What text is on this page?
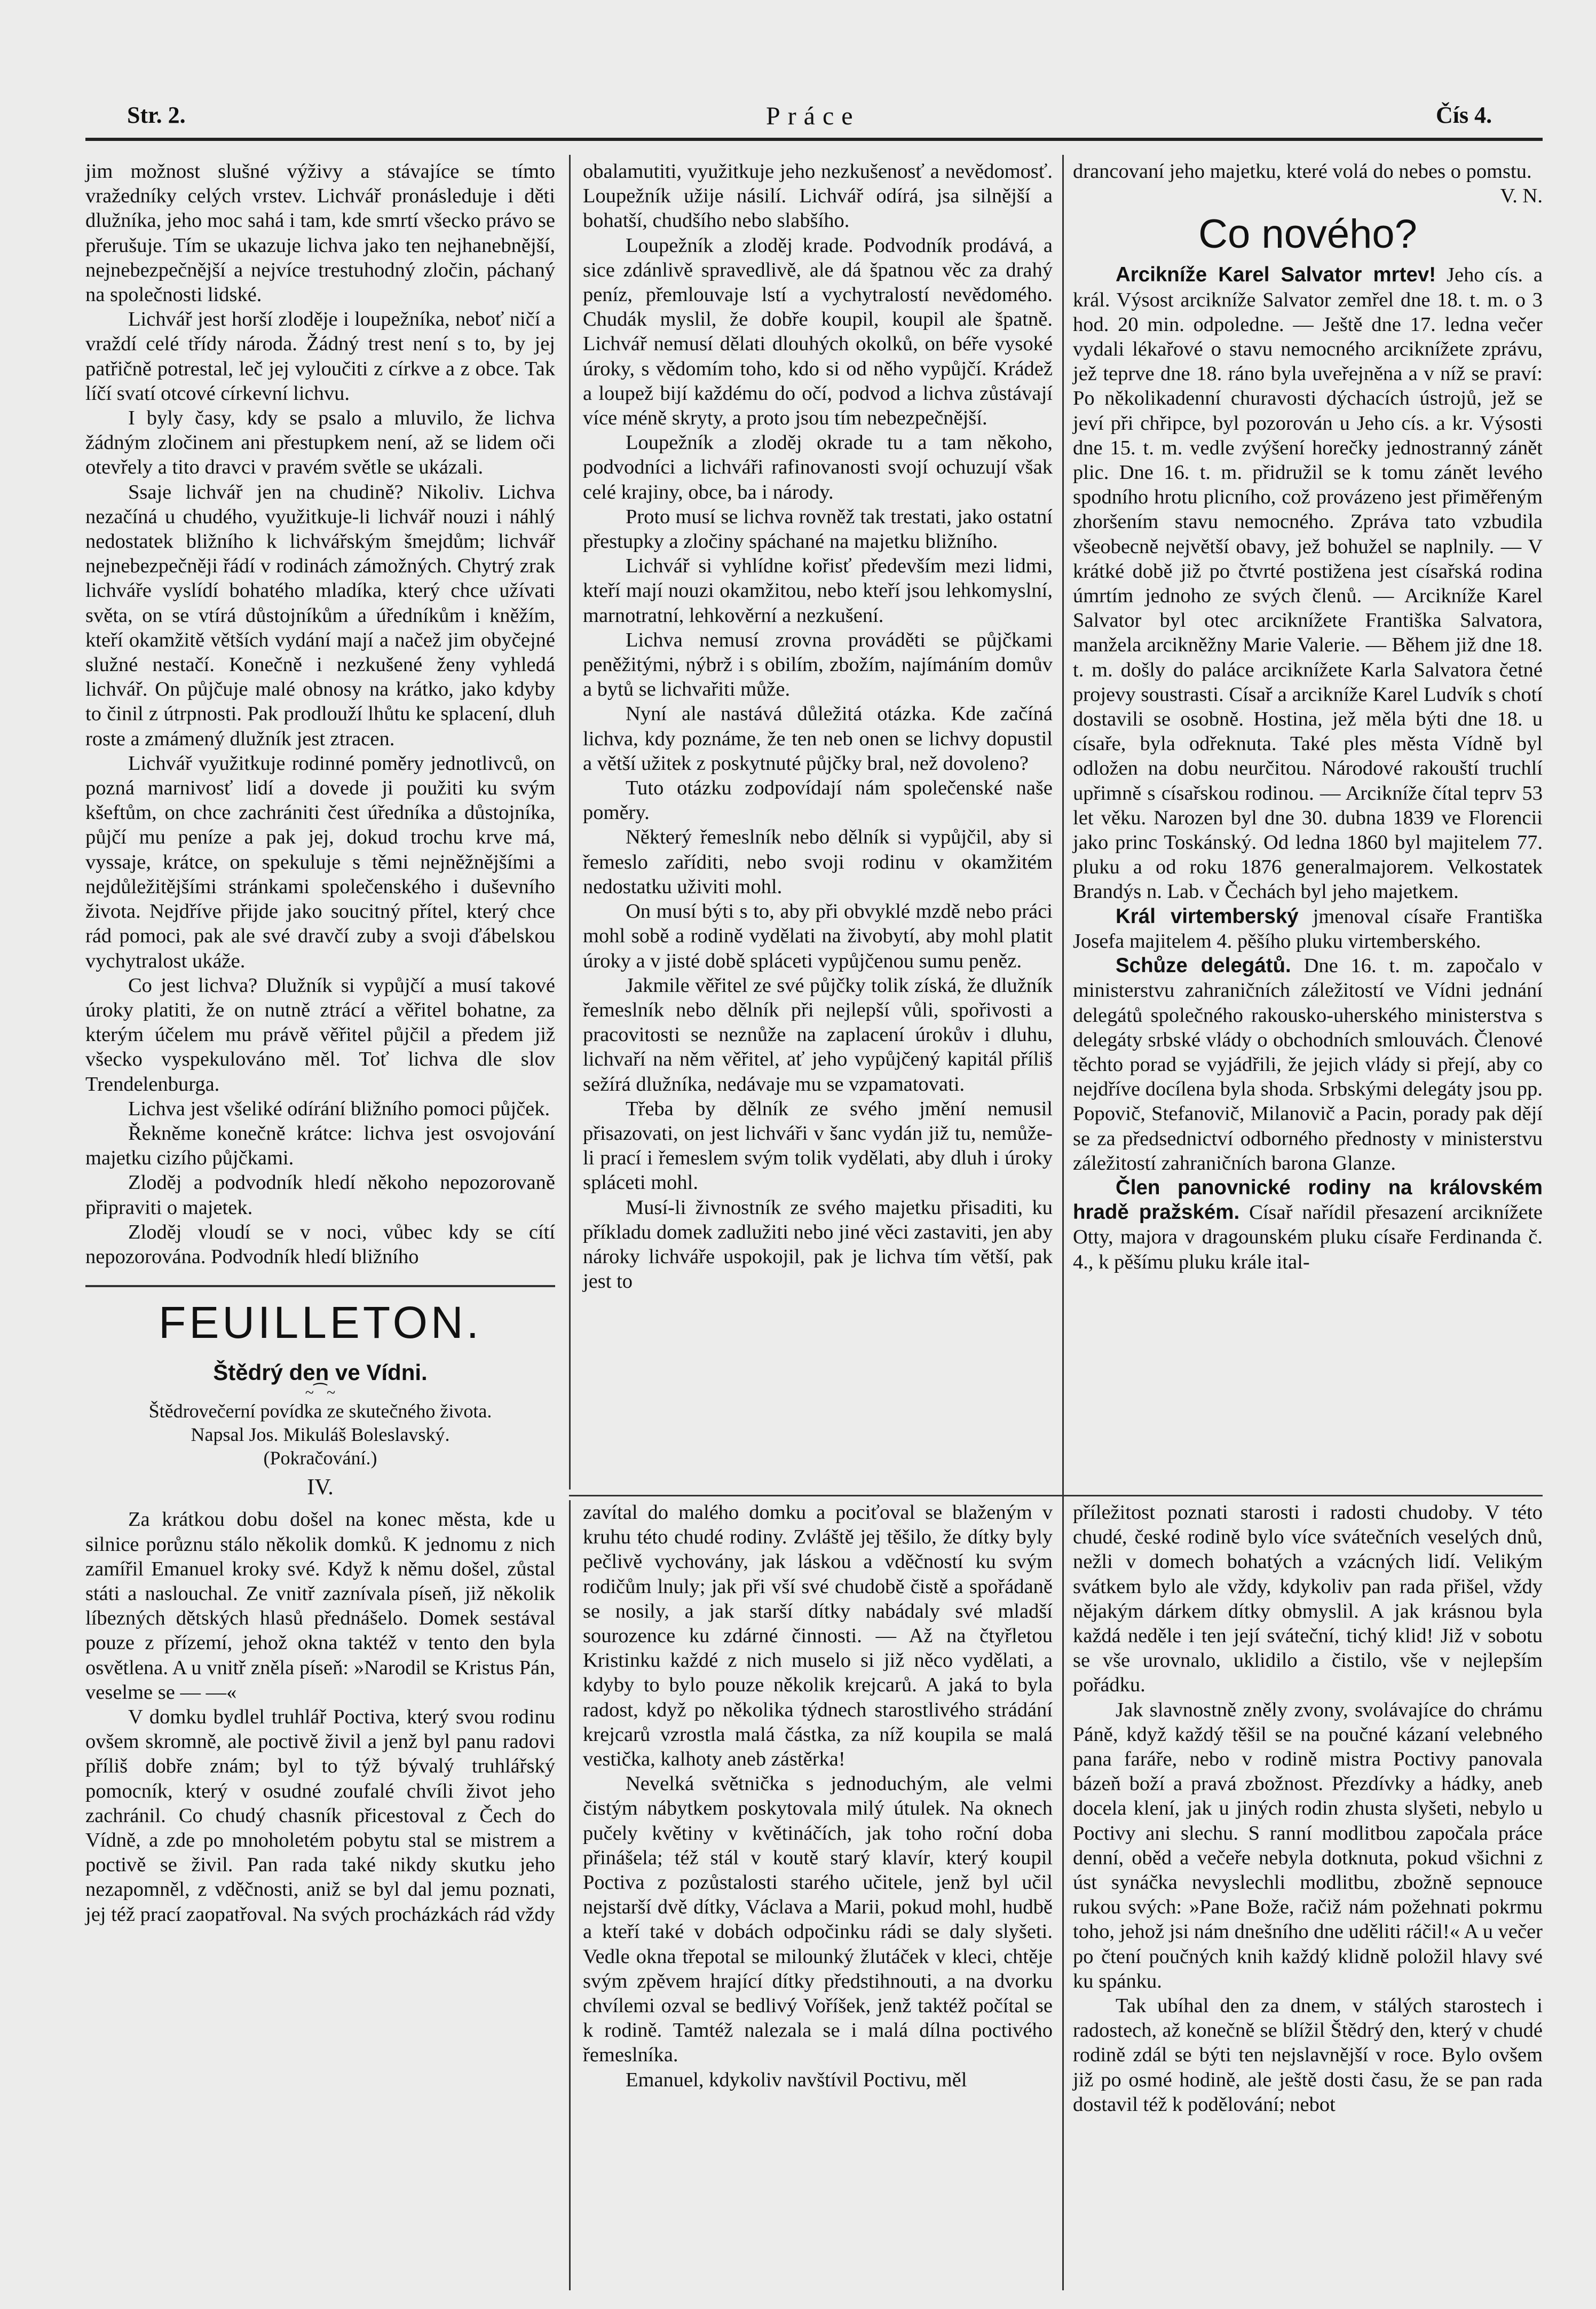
Str. 2.	Práce	Čís 4.

jim možnost slušné výživy a stávajíce se tímto vražedníky celých vrstev. Lichvář pronásleduje i děti dlužníka, jeho moc sahá i tam, kde smrtí všecko právo se přerušuje. Tím se ukazuje lichva jako ten nejhanebnější, nejnebezpečnější a nejvíce trestuhodný zločin, páchaný na společnosti lidské.

Lichvář jest horší zloděje i loupežníka, neboť ničí a vraždí celé třídy národa. Žádný trest není s to, by jej patřičně potrestal, leč jej vyloučiti z církve a z obce. Tak líčí svatí otcové církevní lichvu.

I byly časy, kdy se psalo a mluvilo, že lichva žádným zločinem ani přestupkem není, až se lidem oči otevřely a tito dravci v pravém světle se ukázali.

Ssaje lichvář jen na chudině? Nikoliv. Lichva nezačíná u chudého, využitkuje-li lichvář nouzi i náhlý nedostatek bližního k lichvářským šmejdům; lichvář nejnebezpečněji řádí v rodinách zámožných. Chytrý zrak lichváře vyslídí bohatého mladíka, který chce užívati světa, on se vtírá důstojníkům a úředníkům i kněžím, kteří okamžitě větších vydání mají a načež jim obyčejné služné nestačí. Konečně i nezkušené ženy vyhledá lichvář. On půjčuje malé obnosy na krátko, jako kdyby to činil z útrpnosti. Pak prodlouží lhůtu ke splacení, dluh roste a zmámený dlužník jest ztracen.

Lichvář využitkuje rodinné poměry jednotlivců, on pozná marnivosť lidí a dovede ji použiti ku svým kšeftům, on chce zachrániti čest úředníka a důstojníka, půjčí mu peníze a pak jej, dokud trochu krve má, vyssaje, krátce, on spekuluje s těmi nejněžnějšími a nejdůležitějšími stránkami společenského i duševního života. Nejdříve přijde jako soucitný přítel, který chce rád pomoci, pak ale své dravčí zuby a svoji ďábelskou vychytralost ukáže.

Co jest lichva? Dlužník si vypůjčí a musí takové úroky platiti, že on nutně ztrácí a věřitel bohatne, za kterým účelem mu právě věřitel půjčil a předem již všecko vyspekulováno měl. Toť lichva dle slov Trendelenburga.

Lichva jest všeliké odírání bližního pomoci půjček.

Řekněme konečně krátce: lichva jest osvojování majetku cizího půjčkami.

Zloděj a podvodník hledí někoho nepozorovaně připraviti o majetek.

Zloděj vloudí se v noci, vůbec kdy se cítí nepozorována. Podvodník hledí bližního

FEUILLETON.
Štědrý den ve Vídni.
~⁀~

Štědrovečerní povídka ze skutečného života.

Napsal Jos. Mikuláš Boleslavský.

(Pokračování.)

IV.

Za krátkou dobu došel na konec města, kde u silnice porůznu stálo několik domků. K jednomu z nich zamířil Emanuel kroky své. Když k němu došel, zůstal státi a naslouchal. Ze vnitř zaznívala píseň, již několik líbezných dětských hlasů přednášelo. Domek sestával pouze z přízemí, jehož okna taktéž v tento den byla osvětlena. A u vnitř zněla píseň: »Narodil se Kristus Pán, veselme se — —«

V domku bydlel truhlář Poctiva, který svou rodinu ovšem skromně, ale poctivě živil a jenž byl panu radovi příliš dobře znám; byl to týž bývalý truhlářský pomocník, který v osudné zoufalé chvíli život jeho zachránil. Co chudý chasník přicestoval z Čech do Vídně, a zde po mnoholetém pobytu stal se mistrem a poctivě se živil. Pan rada také nikdy skutku jeho nezapomněl, z vděčnosti, aniž se byl dal jemu poznati, jej též prací zaopatřoval. Na svých procházkách rád vždy

obalamutiti, využitkuje jeho nezkušenosť a nevědomosť. Loupežník užije násilí. Lichvář odírá, jsa silnější a bohatší, chudšího nebo slabšího.

Loupežník a zloděj krade. Podvodník prodává, a sice zdánlivě spravedlivě, ale dá špatnou věc za drahý peníz, přemlouvaje lstí a vychytralostí nevědomého. Chudák myslil, že dobře koupil, koupil ale špatně. Lichvář nemusí dělati dlouhých okolků, on béře vysoké úroky, s vědomím toho, kdo si od něho vypůjčí. Krádež a loupež bijí každému do očí, podvod a lichva zůstávají více méně skryty, a proto jsou tím nebezpečnější.

Loupežník a zloděj okrade tu a tam někoho, podvodníci a lichváři rafinovanosti svojí ochuzují však celé krajiny, obce, ba i národy.

Proto musí se lichva rovněž tak trestati, jako ostatní přestupky a zločiny spáchané na majetku bližního.

Lichvář si vyhlídne kořisť především mezi lidmi, kteří mají nouzi okamžitou, nebo kteří jsou lehkomyslní, marnotratní, lehkověrní a nezkušení.

Lichva nemusí zrovna prováděti se půjčkami peněžitými, nýbrž i s obilím, zbožím, najímáním domův a bytů se lichvařiti může.

Nyní ale nastává důležitá otázka. Kde začíná lichva, kdy poznáme, že ten neb onen se lichvy dopustil a větší užitek z poskytnuté půjčky bral, než dovoleno?

Tuto otázku zodpovídají nám společenské naše poměry.

Některý řemeslník nebo dělník si vypůjčil, aby si řemeslo zaříditi, nebo svoji rodinu v okamžitém nedostatku uživiti mohl.

On musí býti s to, aby při obvyklé mzdě nebo práci mohl sobě a rodině vydělati na živobytí, aby mohl platit úroky a v jisté době spláceti vypůjčenou sumu peněz.

Jakmile věřitel ze své půjčky tolik získá, že dlužník řemeslník nebo dělník při nejlepší vůli, spořivosti a pracovitosti se neznůže na zaplacení úrokův i dluhu, lichvaří na něm věřitel, ať jeho vypůjčený kapitál příliš sežírá dlužníka, nedávaje mu se vzpamatovati.

Třeba by dělník ze svého jmění nemusil přisazovati, on jest lichváři v šanc vydán již tu, nemůže-li prací i řemeslem svým tolik vydělati, aby dluh i úroky spláceti mohl.

Musí-li živnostník ze svého majetku přisaditi, ku příkladu domek zadlužiti nebo jiné věci zastaviti, jen aby nároky lichváře uspokojil, pak je lichva tím větší, pak jest to

drancovaní jeho majetku, které volá do nebes o pomstu.

V. N.

Co nového?

Arcikníže Karel Salvator mrtev! Jeho cís. a král. Výsost arcikníže Salvator zemřel dne 18. t. m. o 3 hod. 20 min. odpoledne. — Ještě dne 17. ledna večer vydali lékařové o stavu nemocného arciknížete zprávu, jež teprve dne 18. ráno byla uveřejněna a v níž se praví: Po několikadenní churavosti dýchacích ústrojů, jež se jeví při chřipce, byl pozorován u Jeho cís. a kr. Výsosti dne 15. t. m. vedle zvýšení horečky jednostranný zánět plic. Dne 16. t. m. přidružil se k tomu zánět levého spodního hrotu plicního, což provázeno jest přiměřeným zhoršením stavu nemocného. Zpráva tato vzbudila všeobecně největší obavy, jež bohužel se naplnily. — V krátké době již po čtvrté postižena jest císařská rodina úmrtím jednoho ze svých členů. — Arcikníže Karel Salvator byl otec arciknížete Františka Salvatora, manžela arcikněžny Marie Valerie. — Během již dne 18. t. m. došly do paláce arciknížete Karla Salvatora četné projevy soustrasti. Císař a arcikníže Karel Ludvík s chotí dostavili se osobně. Hostina, jež měla býti dne 18. u císaře, byla odřeknuta. Také ples města Vídně byl odložen na dobu neurčitou. Národové rakouští truchlí upřimně s císařskou rodinou. — Arcikníže čítal teprv 53 let věku. Narozen byl dne 30. dubna 1839 ve Florencii jako princ Toskánský. Od ledna 1860 byl majitelem 77. pluku a od roku 1876 generalmajorem. Velkostatek Brandýs n. Lab. v Čechách byl jeho majetkem.

Král virtemberský jmenoval císaře Františka Josefa majitelem 4. pěšího pluku virtemberského.

Schůze delegátů. Dne 16. t. m. započalo v ministerstvu zahraničních záležitostí ve Vídni jednání delegátů společného rakousko-uherského ministerstva s delegáty srbské vlády o obchodních smlouvách. Členové těchto porad se vyjádřili, že jejich vlády si přejí, aby co nejdříve docílena byla shoda. Srbskými delegáty jsou pp. Popovič, Stefanovič, Milanovič a Pacin, porady pak dějí se za předsednictví odborného přednosty v ministerstvu záležitostí zahraničních barona Glanze.

Člen panovnické rodiny na královském hradě pražském. Císař nařídil přesazení arciknížete Otty, majora v dragounském pluku císaře Ferdinanda č. 4., k pěšímu pluku krále ital-

zavítal do malého domku a pociťoval se blaženým v kruhu této chudé rodiny. Zvláště jej těšilo, že dítky byly pečlivě vychovány, jak láskou a vděčností ku svým rodičům lnuly; jak při vší své chudobě čistě a spořádaně se nosily, a jak starší dítky nabádaly své mladší sourozence ku zdárné činnosti. — Až na čtyřletou Kristinku každé z nich muselo si již něco vydělati, a kdyby to bylo pouze několik krejcarů. A jaká to byla radost, když po několika týdnech starostlivého strádání krejcarů vzrostla malá částka, za níž koupila se malá vestička, kalhoty aneb zástěrka!

Nevelká světnička s jednoduchým, ale velmi čistým nábytkem poskytovala milý útulek. Na oknech pučely květiny v květináčích, jak toho roční doba přinášela; též stál v koutě starý klavír, který koupil Poctiva z pozůstalosti starého učitele, jenž byl učil nejstarší dvě dítky, Václava a Marii, pokud mohl, hudbě a kteří také v dobách odpočinku rádi se daly slyšeti. Vedle okna třepotal se milounký žlutáček v kleci, chtěje svým zpěvem hrající dítky předstihnouti, a na dvorku chvílemi ozval se bedlivý Voříšek, jenž taktéž počítal se k rodině. Tamtéž nalezala se i malá dílna poctivého řemeslníka.

Emanuel, kdykoliv navštívil Poctivu, měl

příležitost poznati starosti i radosti chudoby. V této chudé, české rodině bylo více svátečních veselých dnů, nežli v domech bohatých a vzácných lidí. Velikým svátkem bylo ale vždy, kdykoliv pan rada přišel, vždy nějakým dárkem dítky obmyslil. A jak krásnou byla každá neděle i ten její sváteční, tichý klid! Již v sobotu se vše urovnalo, uklidilo a čistilo, vše v nejlepším pořádku.

Jak slavnostně zněly zvony, svolávajíce do chrámu Páně, když každý těšil se na poučné kázaní velebného pana faráře, nebo v rodině mistra Poctivy panovala bázeň boží a pravá zbožnost. Přezdívky a hádky, aneb docela klení, jak u jiných rodin zhusta slyšeti, nebylo u Poctivy ani slechu. S ranní modlitbou započala práce denní, oběd a večeře nebyla dotknuta, pokud všichni z úst synáčka nevyslechli modlitbu, zbožně sepnouce rukou svých: »Pane Bože, račiž nám požehnati pokrmu toho, jehož jsi nám dnešního dne uděliti ráčil!« A u večer po čtení poučných knih každý klidně položil hlavy své ku spánku.

Tak ubíhal den za dnem, v stálých starostech i radostech, až konečně se blížil Štědrý den, který v chudé rodině zdál se býti ten nejslavnější v roce. Bylo ovšem již po osmé hodině, ale ještě dosti času, že se pan rada dostavil též k podělování; nebot
